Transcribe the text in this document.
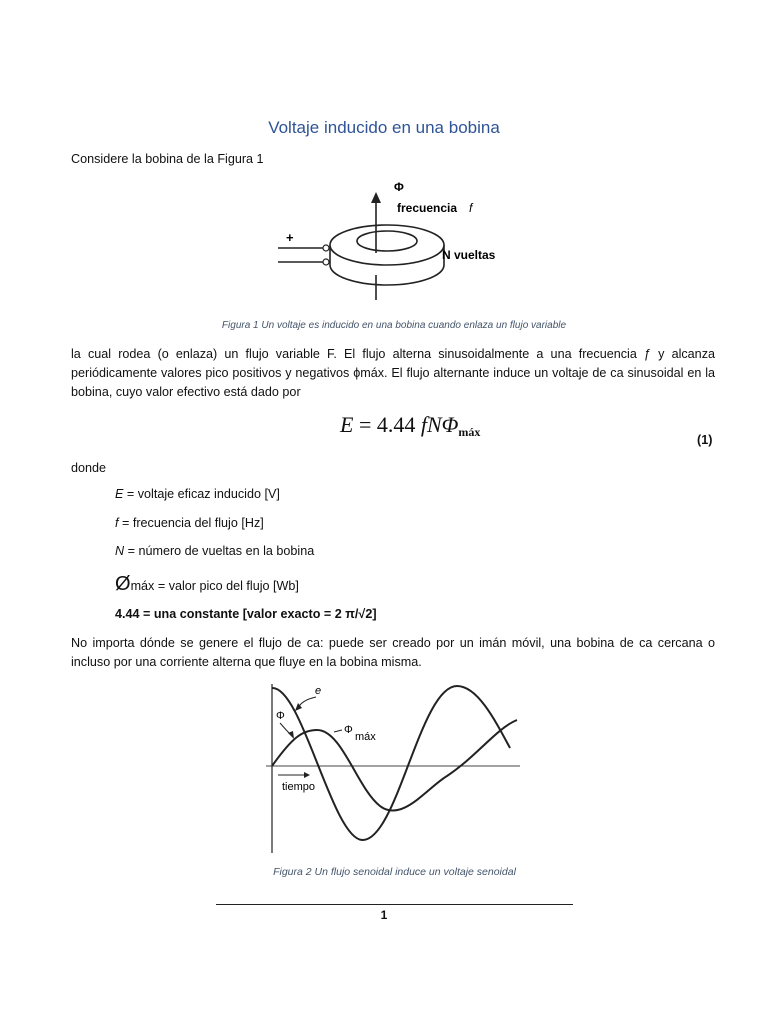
Voltaje inducido en una bobina
Considere la bobina de la Figura 1
+
Φ
frecuencia f
N vueltas
Figura 1 Un voltaje es inducido en una bobina cuando enlaza un flujo variable
la cual rodea (o enlaza) un flujo variable F. El flujo alterna sinusoidalmente a una frecuencia ƒ y alcanza periódicamente valores pico positivos y negativos ϕmáx. El flujo alternante induce un voltaje de ca sinusoidal en la bobina, cuyo valor efectivo está dado por
E = 4.44 fNΦmáx
(1)
donde
E = voltaje eficaz inducido [V]
f = frecuencia del flujo [Hz]
N = número de vueltas en la bobina
Ømáx = valor pico del flujo [Wb]
4.44 = una constante [valor exacto = 2 π/√2]
No importa dónde se genere el flujo de ca: puede ser creado por un imán móvil, una bobina de ca cercana o incluso por una corriente alterna que fluye en la bobina misma.
e
Φ
Φ
máx
tiempo
Figura 2 Un flujo senoidal induce un voltaje senoidal
1
